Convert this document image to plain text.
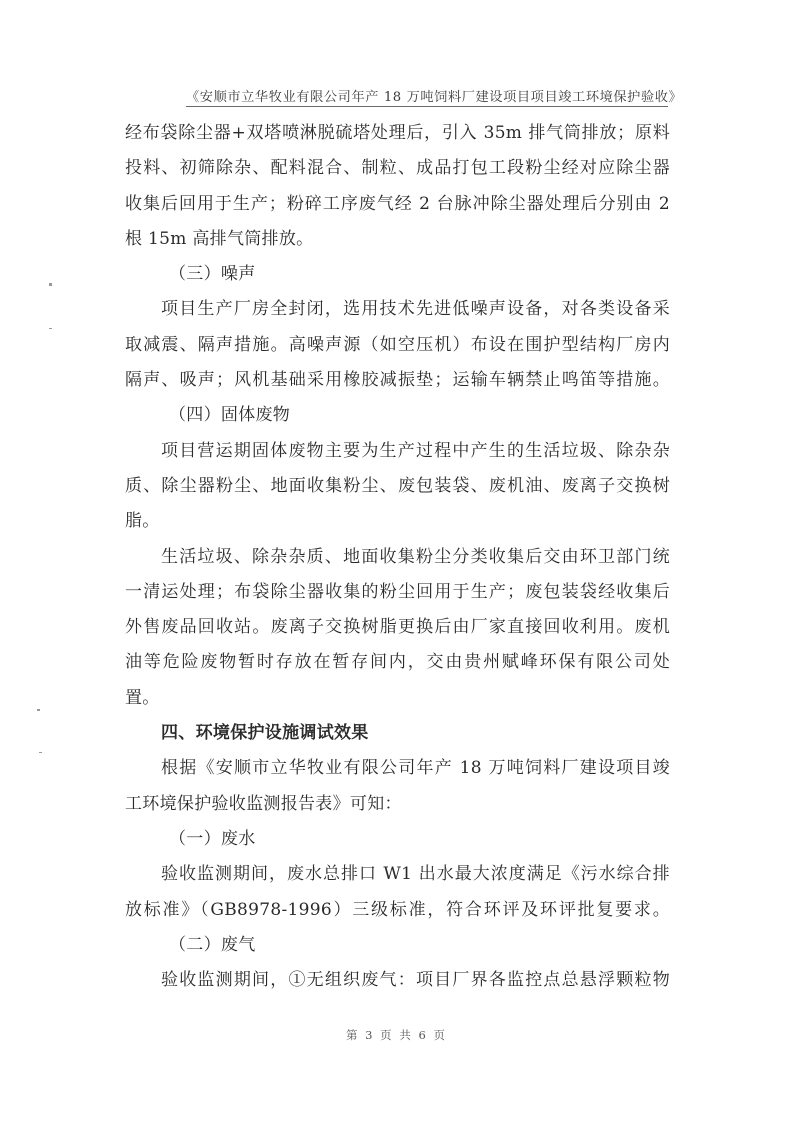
《安顺市立华牧业有限公司年产 18 万吨饲料厂建设项目项目竣工环境保护验收》
经布袋除尘器+双塔喷淋脱硫塔处理后，引入 35m 排气筒排放；原料
投料、初筛除杂、配料混合、制粒、成品打包工段粉尘经对应除尘器
收集后回用于生产；粉碎工序废气经 2 台脉冲除尘器处理后分别由 2
根 15m 高排气筒排放。
（三）噪声
项目生产厂房全封闭，选用技术先进低噪声设备，对各类设备采
取减震、隔声措施。高噪声源（如空压机）布设在围护型结构厂房内
隔声、吸声；风机基础采用橡胶减振垫；运输车辆禁止鸣笛等措施。
（四）固体废物
项目营运期固体废物主要为生产过程中产生的生活垃圾、除杂杂
质、除尘器粉尘、地面收集粉尘、废包装袋、废机油、废离子交换树
脂。
生活垃圾、除杂杂质、地面收集粉尘分类收集后交由环卫部门统
一清运处理；布袋除尘器收集的粉尘回用于生产；废包装袋经收集后
外售废品回收站。废离子交换树脂更换后由厂家直接回收利用。废机
油等危险废物暂时存放在暂存间内，交由贵州赋峰环保有限公司处
置。
四、环境保护设施调试效果
根据《安顺市立华牧业有限公司年产 18 万吨饲料厂建设项目竣
工环境保护验收监测报告表》可知：
（一）废水
验收监测期间，废水总排口 W1 出水最大浓度满足《污水综合排
放标准》（GB8978-1996）三级标准，符合环评及环评批复要求。
（二）废气
验收监测期间，①无组织废气：项目厂界各监控点总悬浮颗粒物
第 3 页 共 6 页
